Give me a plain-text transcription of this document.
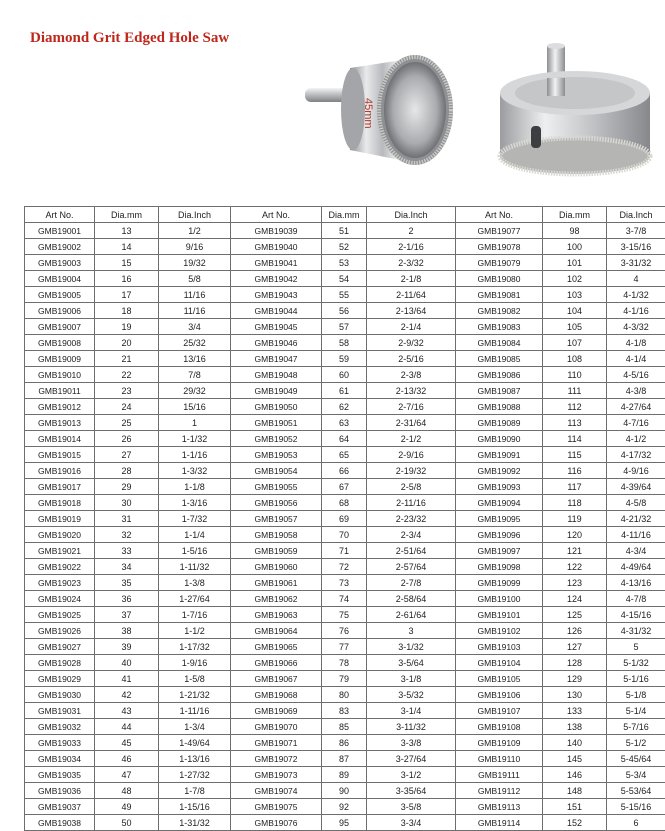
Diamond Grit Edged Hole Saw
45mm
Art No.	Dia.mm	Dia.Inch	Art No.	Dia.mm	Dia.Inch	Art No.	Dia.mm	Dia.Inch
GMB19001	13	1/2	GMB19039	51	2	GMB19077	98	3-7/8
GMB19002	14	9/16	GMB19040	52	2-1/16	GMB19078	100	3-15/16
GMB19003	15	19/32	GMB19041	53	2-3/32	GMB19079	101	3-31/32
GMB19004	16	5/8	GMB19042	54	2-1/8	GMB19080	102	4
GMB19005	17	11/16	GMB19043	55	2-11/64	GMB19081	103	4-1/32
GMB19006	18	11/16	GMB19044	56	2-13/64	GMB19082	104	4-1/16
GMB19007	19	3/4	GMB19045	57	2-1/4	GMB19083	105	4-3/32
GMB19008	20	25/32	GMB19046	58	2-9/32	GMB19084	107	4-1/8
GMB19009	21	13/16	GMB19047	59	2-5/16	GMB19085	108	4-1/4
GMB19010	22	7/8	GMB19048	60	2-3/8	GMB19086	110	4-5/16
GMB19011	23	29/32	GMB19049	61	2-13/32	GMB19087	111	4-3/8
GMB19012	24	15/16	GMB19050	62	2-7/16	GMB19088	112	4-27/64
GMB19013	25	1	GMB19051	63	2-31/64	GMB19089	113	4-7/16
GMB19014	26	1-1/32	GMB19052	64	2-1/2	GMB19090	114	4-1/2
GMB19015	27	1-1/16	GMB19053	65	2-9/16	GMB19091	115	4-17/32
GMB19016	28	1-3/32	GMB19054	66	2-19/32	GMB19092	116	4-9/16
GMB19017	29	1-1/8	GMB19055	67	2-5/8	GMB19093	117	4-39/64
GMB19018	30	1-3/16	GMB19056	68	2-11/16	GMB19094	118	4-5/8
GMB19019	31	1-7/32	GMB19057	69	2-23/32	GMB19095	119	4-21/32
GMB19020	32	1-1/4	GMB19058	70	2-3/4	GMB19096	120	4-11/16
GMB19021	33	1-5/16	GMB19059	71	2-51/64	GMB19097	121	4-3/4
GMB19022	34	1-11/32	GMB19060	72	2-57/64	GMB19098	122	4-49/64
GMB19023	35	1-3/8	GMB19061	73	2-7/8	GMB19099	123	4-13/16
GMB19024	36	1-27/64	GMB19062	74	2-58/64	GMB19100	124	4-7/8
GMB19025	37	1-7/16	GMB19063	75	2-61/64	GMB19101	125	4-15/16
GMB19026	38	1-1/2	GMB19064	76	3	GMB19102	126	4-31/32
GMB19027	39	1-17/32	GMB19065	77	3-1/32	GMB19103	127	5
GMB19028	40	1-9/16	GMB19066	78	3-5/64	GMB19104	128	5-1/32
GMB19029	41	1-5/8	GMB19067	79	3-1/8	GMB19105	129	5-1/16
GMB19030	42	1-21/32	GMB19068	80	3-5/32	GMB19106	130	5-1/8
GMB19031	43	1-11/16	GMB19069	83	3-1/4	GMB19107	133	5-1/4
GMB19032	44	1-3/4	GMB19070	85	3-11/32	GMB19108	138	5-7/16
GMB19033	45	1-49/64	GMB19071	86	3-3/8	GMB19109	140	5-1/2
GMB19034	46	1-13/16	GMB19072	87	3-27/64	GMB19110	145	5-45/64
GMB19035	47	1-27/32	GMB19073	89	3-1/2	GMB19111	146	5-3/4
GMB19036	48	1-7/8	GMB19074	90	3-35/64	GMB19112	148	5-53/64
GMB19037	49	1-15/16	GMB19075	92	3-5/8	GMB19113	151	5-15/16
GMB19038	50	1-31/32	GMB19076	95	3-3/4	GMB19114	152	6
